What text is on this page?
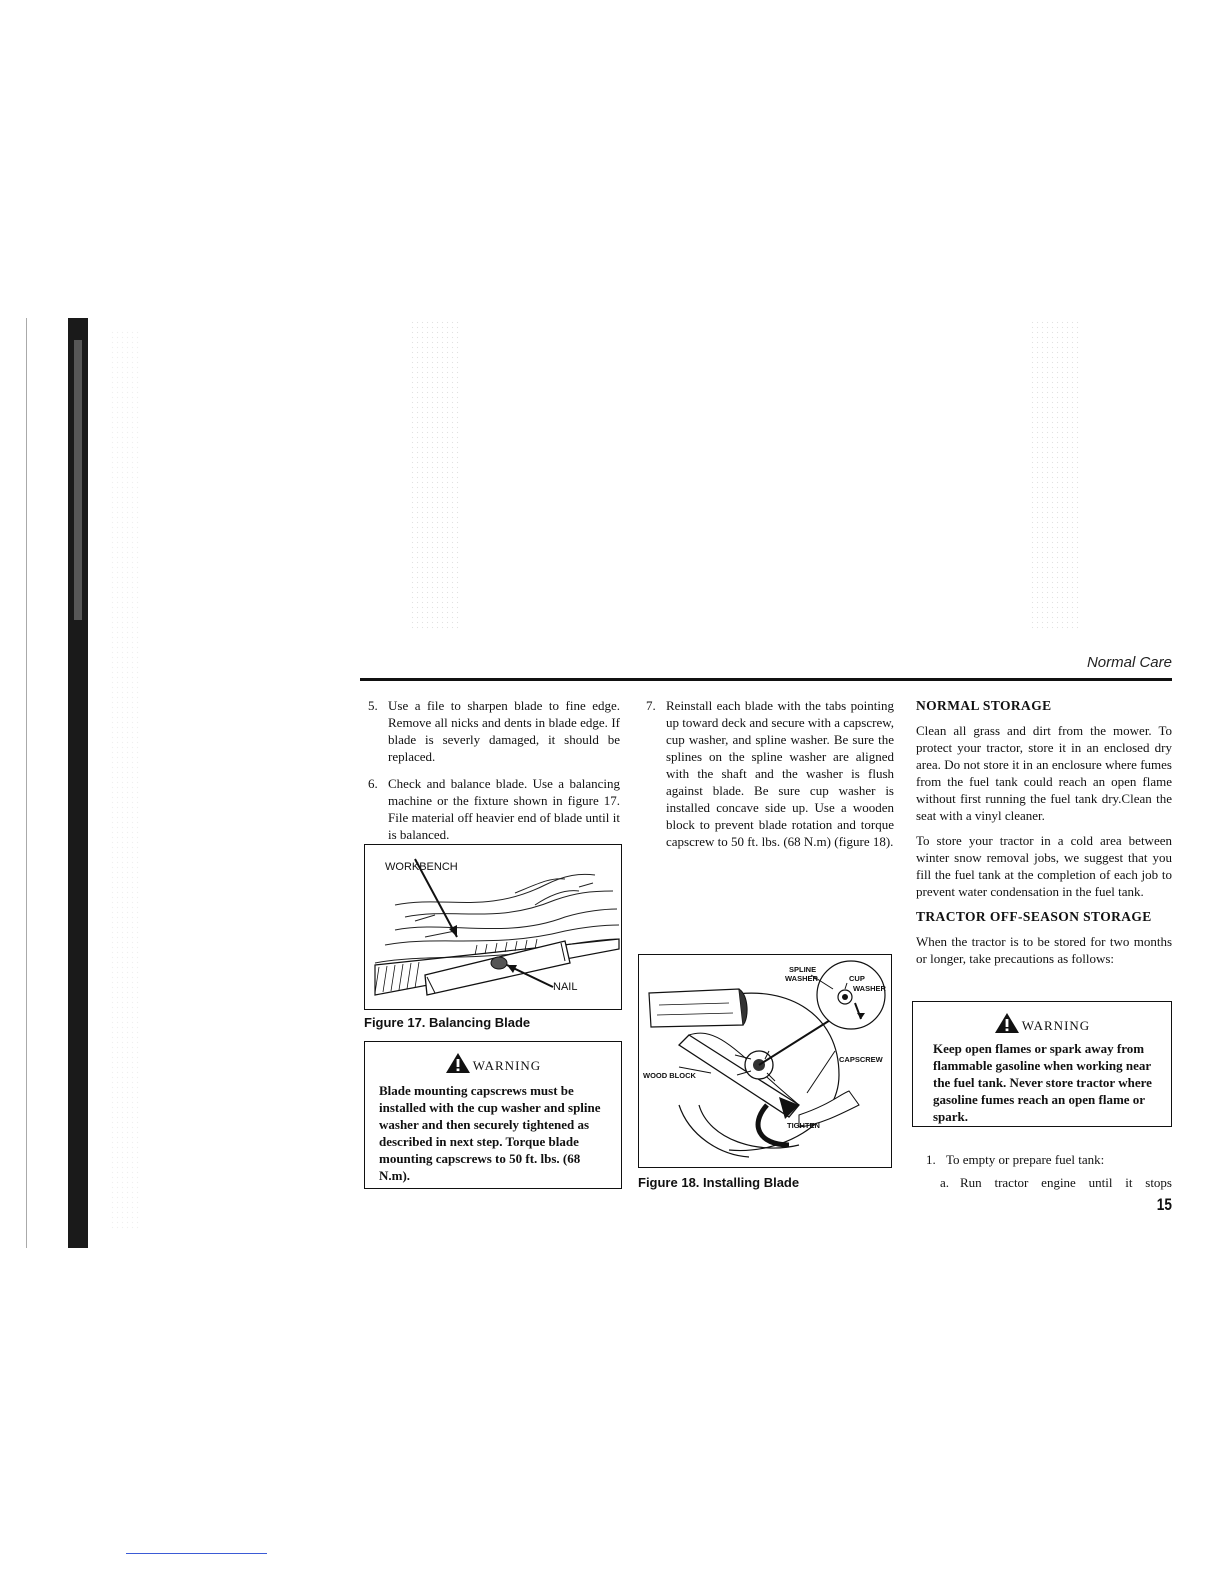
Normal Care
5. Use a file to sharpen blade to fine edge. Remove all nicks and dents in blade edge. If blade is severly damaged, it should be replaced.
6. Check and balance blade. Use a balancing machine or the fixture shown in figure 17. File material off heavier end of blade until it is balanced.
WORKBENCH
NAIL
Figure 17. Balancing Blade
WARNING
Blade mounting capscrews must be installed with the cup washer and spline washer and then securely tightened as described in next step. Torque blade mounting capscrews to 50 ft. lbs. (68 N.m).
7. Reinstall each blade with the tabs pointing up toward deck and secure with a capscrew, cup washer, and spline washer. Be sure the splines on the spline washer are aligned with the shaft and the washer is flush against blade. Be sure cup washer is installed concave side up. Use a wooden block to prevent blade rotation and torque capscrew to 50 ft. lbs. (68 N.m) (figure 18).
SPLINE
WASHER	CUP
WASHER
CAPSCREW
WOOD BLOCK
TIGHTEN
Figure 18. Installing Blade
NORMAL STORAGE

Clean all grass and dirt from the mower. To protect your tractor, store it in an enclosed dry area. Do not store it in an enclosure where fumes from the fuel tank could reach an open flame without first running the fuel tank dry.Clean the seat with a vinyl cleaner.

To store your tractor in a cold area between winter snow removal jobs, we suggest that you fill the fuel tank at the completion of each job to prevent water condensation in the fuel tank.

TRACTOR OFF-SEASON STORAGE

When the tractor is to be stored for two months or longer, take precautions as follows:

WARNING
Keep open flames or spark away from flammable gasoline when working near the fuel tank. Never store tractor where gasoline fumes reach an open flame or spark.
1. To empty or prepare fuel tank:
a. Run tractor engine until it stops
15
